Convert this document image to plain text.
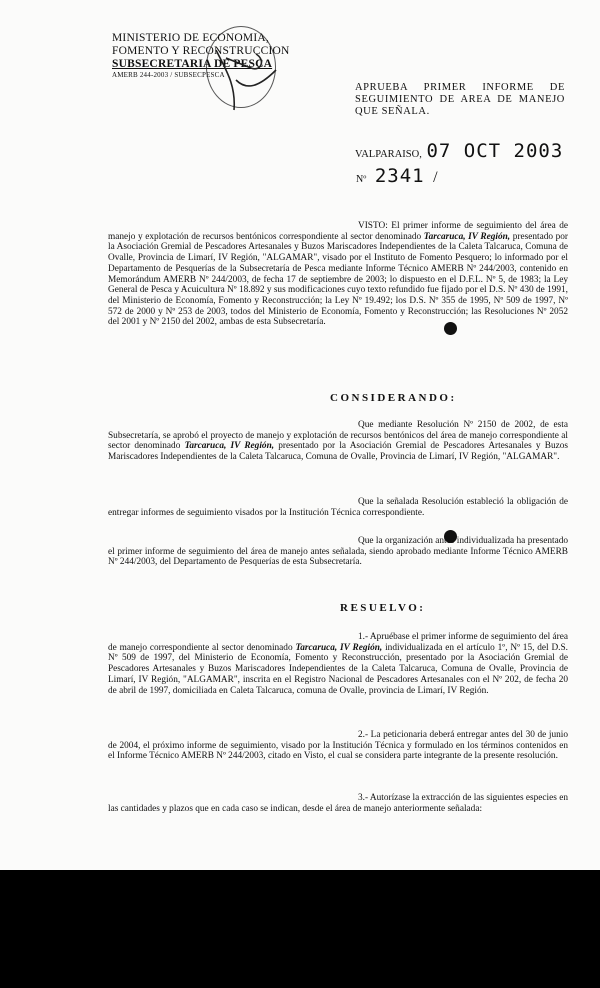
MINISTERIO DE ECONOMIA,
FOMENTO Y RECONSTRUCCION
SUBSECRETARIA DE PESCA
AMERB 244-2003 / SUBSECPESCA
APRUEBA PRIMER INFORME DE SEGUIMIENTO DE AREA DE MANEJO QUE SEÑALA.
VALPARAISO, 07 OCT 2003
Nº 2341 /
VISTO: El primer informe de seguimiento del área de manejo y explotación de recursos bentónicos correspondiente al sector denominado Tarcaruca, IV Región, presentado por la Asociación Gremial de Pescadores Artesanales y Buzos Mariscadores Independientes de la Caleta Talcaruca, Comuna de Ovalle, Provincia de Limarí, IV Región, "ALGAMAR", visado por el Instituto de Fomento Pesquero; lo informado por el Departamento de Pesquerías de la Subsecretaría de Pesca mediante Informe Técnico AMERB Nº 244/2003, contenido en Memorándum AMERB Nº 244/2003, de fecha 17 de septiembre de 2003; lo dispuesto en el D.F.L. Nº 5, de 1983; la Ley General de Pesca y Acuicultura Nº 18.892 y sus modificaciones cuyo texto refundido fue fijado por el D.S. Nº 430 de 1991, del Ministerio de Economía, Fomento y Reconstrucción; la Ley Nº 19.492; los D.S. Nº 355 de 1995, Nº 509 de 1997, Nº 572 de 2000 y Nº 253 de 2003, todos del Ministerio de Economía, Fomento y Reconstrucción; las Resoluciones Nº 2052 del 2001 y Nº 2150 del 2002, ambas de esta Subsecretaría.
CONSIDERANDO:
Que mediante Resolución Nº 2150 de 2002, de esta Subsecretaría, se aprobó el proyecto de manejo y explotación de recursos bentónicos del área de manejo correspondiente al sector denominado Tarcaruca, IV Región, presentado por la Asociación Gremial de Pescadores Artesanales y Buzos Mariscadores Independientes de la Caleta Talcaruca, Comuna de Ovalle, Provincia de Limarí, IV Región, "ALGAMAR".
Que la señalada Resolución estableció la obligación de entregar informes de seguimiento visados por la Institución Técnica correspondiente.
Que la organización antes individualizada ha presentado el primer informe de seguimiento del área de manejo antes señalada, siendo aprobado mediante Informe Técnico AMERB Nº 244/2003, del Departamento de Pesquerías de esta Subsecretaría.
RESUELVO:
1.- Apruébase el primer informe de seguimiento del área de manejo correspondiente al sector denominado Tarcaruca, IV Región, individualizada en el artículo 1º, Nº 15, del D.S. Nº 509 de 1997, del Ministerio de Economía, Fomento y Reconstrucción, presentado por la Asociación Gremial de Pescadores Artesanales y Buzos Mariscadores Independientes de la Caleta Talcaruca, Comuna de Ovalle, Provincia de Limarí, IV Región, "ALGAMAR", inscrita en el Registro Nacional de Pescadores Artesanales con el Nº 202, de fecha 20 de abril de 1997, domiciliada en Caleta Talcaruca, comuna de Ovalle, provincia de Limarí, IV Región.
2.- La peticionaria deberá entregar antes del 30 de junio de 2004, el próximo informe de seguimiento, visado por la Institución Técnica y formulado en los términos contenidos en el Informe Técnico AMERB Nº 244/2003, citado en Visto, el cual se considera parte integrante de la presente resolución.
3.- Autorízase la extracción de las siguientes especies en las cantidades y plazos que en cada caso se indican, desde el área de manejo anteriormente señalada:
